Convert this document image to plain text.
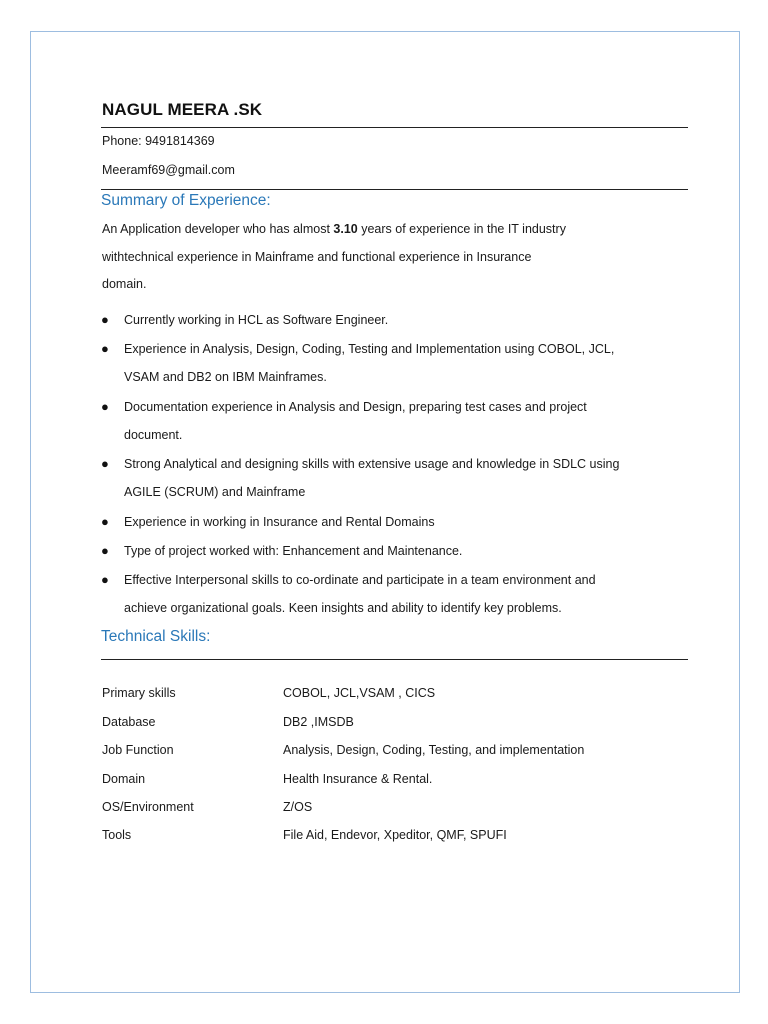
NAGUL MEERA .SK
Phone: 9491814369
Meeramf69@gmail.com
Summary of Experience:
An Application developer who has almost 3.10 years of experience in the IT industry
withtechnical experience in Mainframe and functional experience in Insurance
domain.
● Currently working in HCL as Software Engineer.
● Experience in Analysis, Design, Coding, Testing and Implementation using COBOL, JCL,
VSAM and DB2 on IBM Mainframes.
● Documentation experience in Analysis and Design, preparing test cases and project
document.
● Strong Analytical and designing skills with extensive usage and knowledge in SDLC using
AGILE (SCRUM) and Mainframe
● Experience in working in Insurance and Rental Domains
● Type of project worked with: Enhancement and Maintenance.
● Effective Interpersonal skills to co-ordinate and participate in a team environment and
achieve organizational goals. Keen insights and ability to identify key problems.
Technical Skills:
Primary skills	COBOL, JCL,VSAM , CICS
Database	DB2 ,IMSDB
Job Function	Analysis, Design, Coding, Testing, and implementation
Domain	Health Insurance & Rental.
OS/Environment	Z/OS
Tools	File Aid, Endevor, Xpeditor, QMF, SPUFI
